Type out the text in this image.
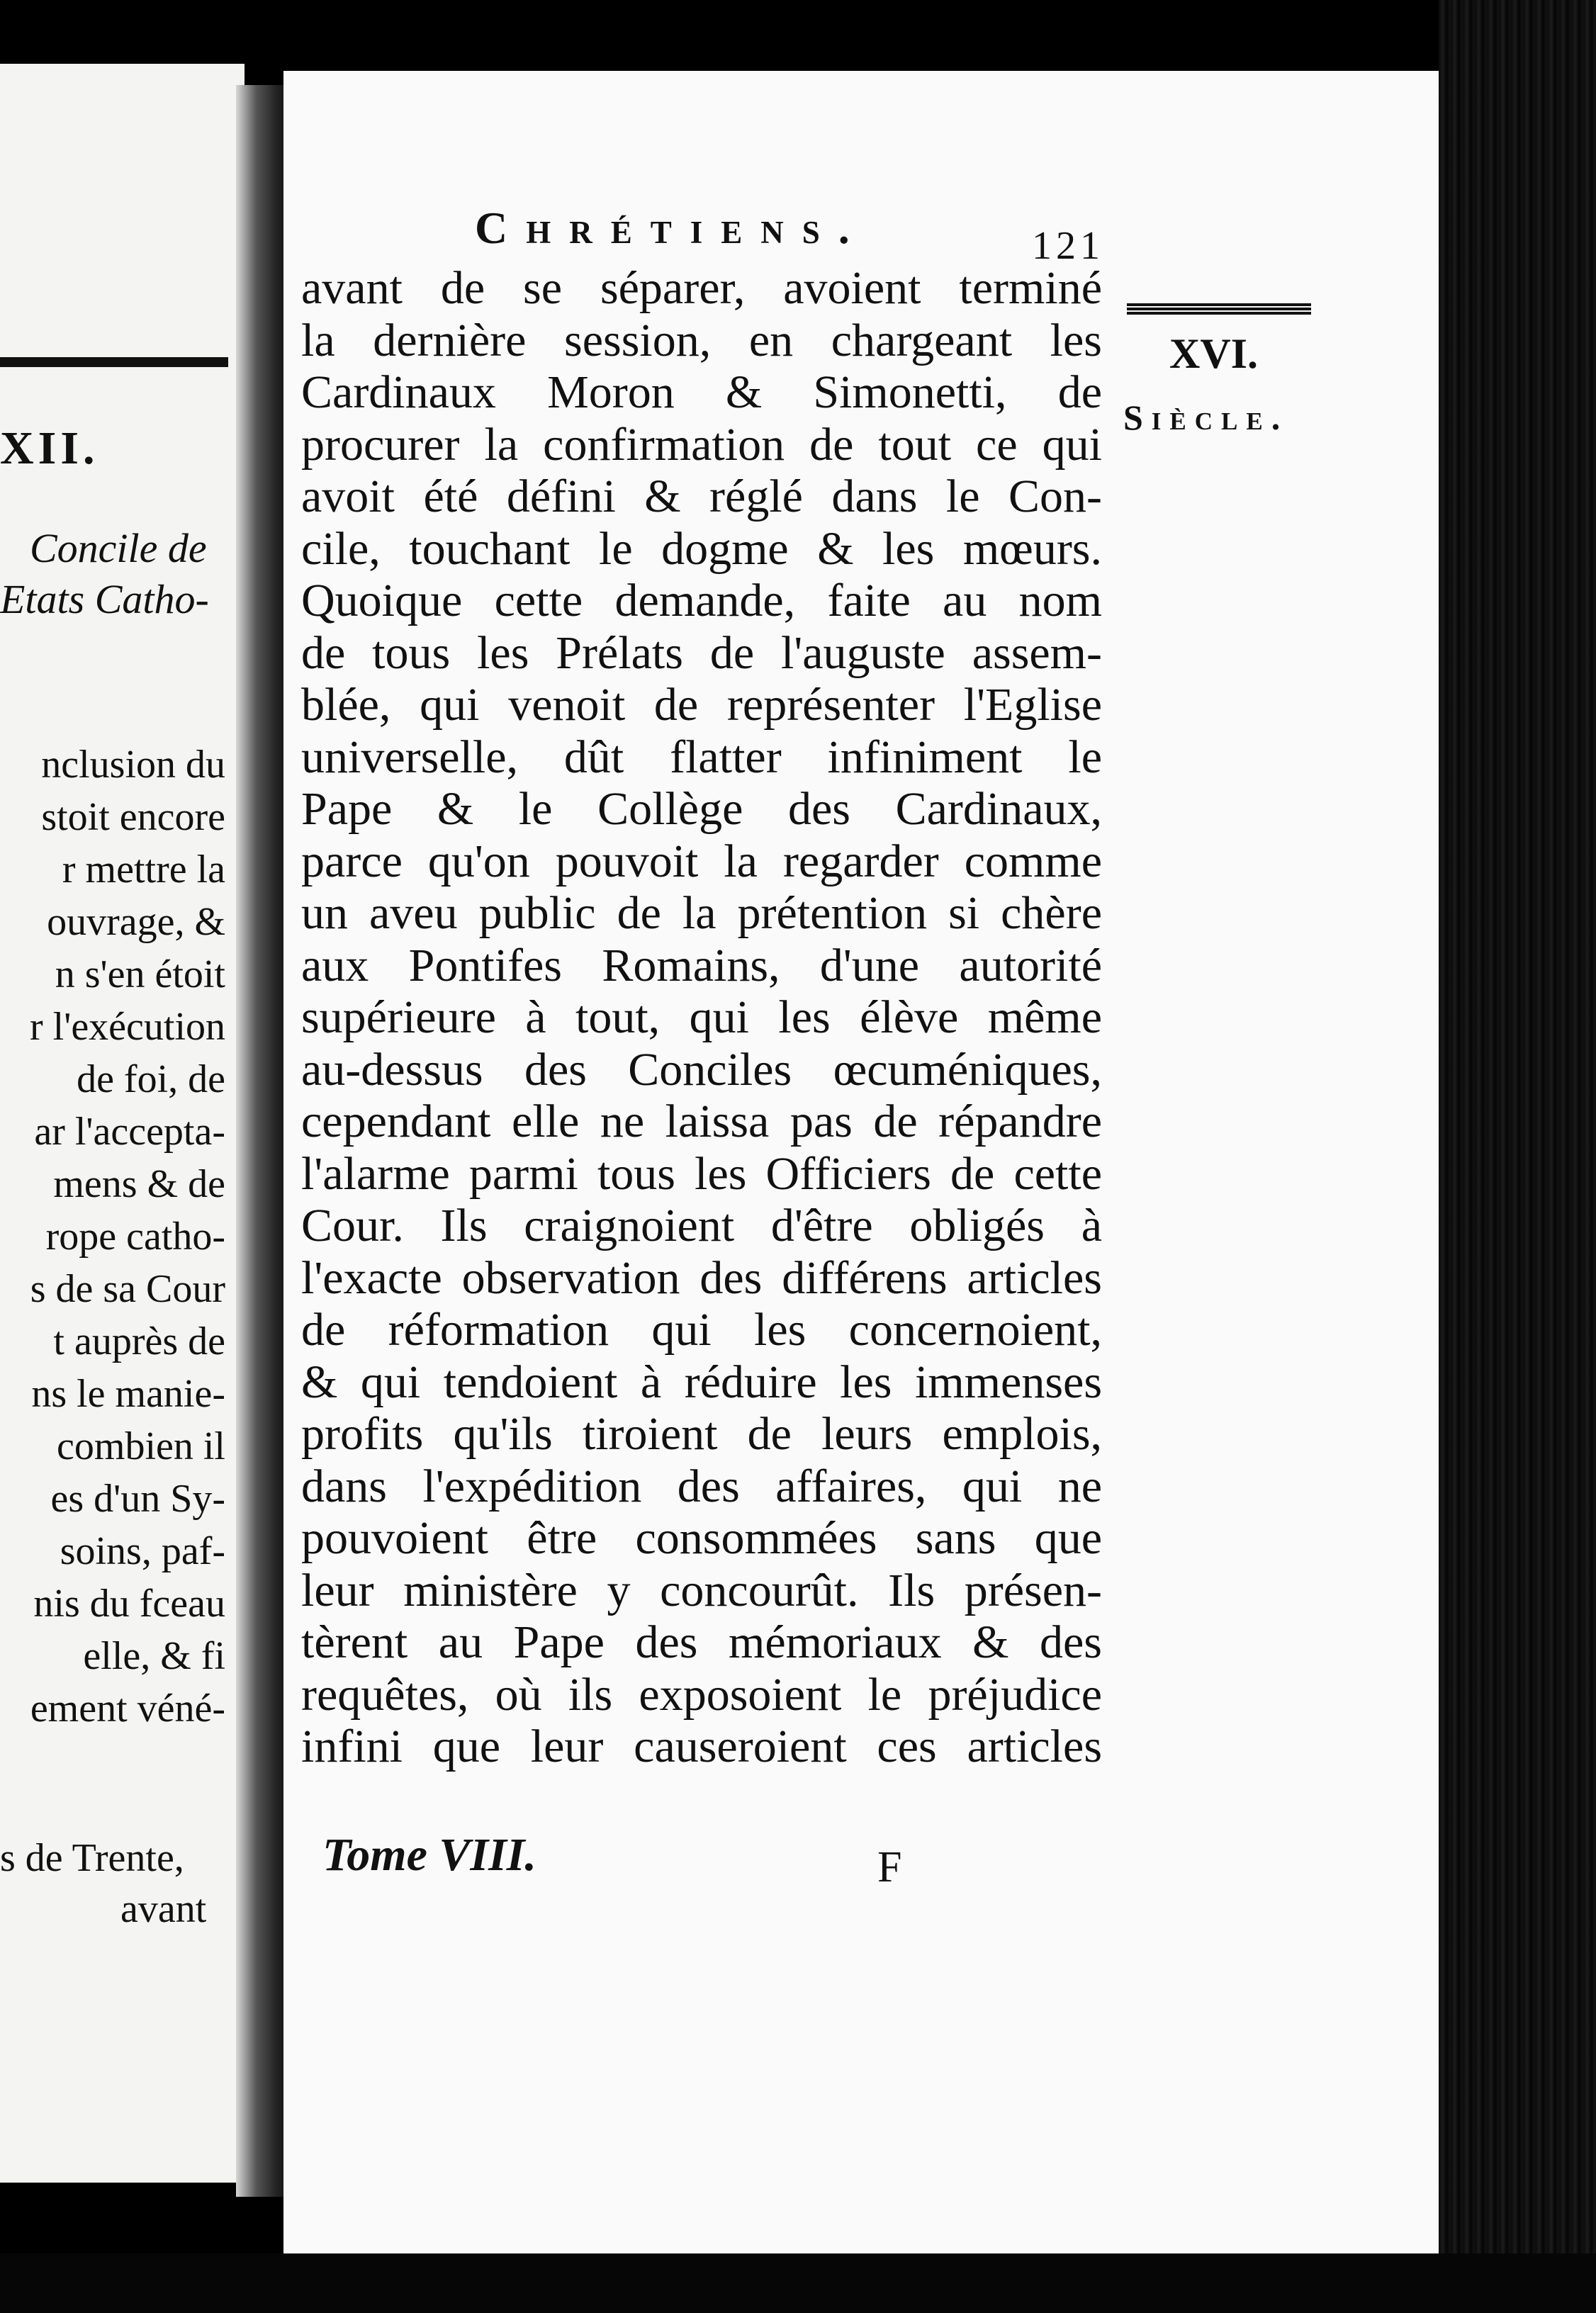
XII.
Concile de
Etats Catho-
nclusion du
stoit encore
r mettre la
ouvrage, &
n s'en étoit
r l'exécution
de foi, de
ar l'accepta-
mens & de
rope catho-
s de sa Cour
t auprès de
ns le manie-
combien il
es d'un Sy-
soins, paf-
nis du fceau
elle, & fi
ement véné-
s de Trente,
avant
Chrétiens.	121
XVI.
Siècle.
avant de se séparer, avoient terminé
la dernière session, en chargeant les
Cardinaux Moron & Simonetti, de
procurer la confirmation de tout ce qui
avoit été défini & réglé dans le Con-
cile, touchant le dogme & les mœurs.
Quoique cette demande, faite au nom
de tous les Prélats de l'auguste assem-
blée, qui venoit de représenter l'Eglise
universelle, dût flatter infiniment le
Pape & le Collège des Cardinaux,
parce qu'on pouvoit la regarder comme
un aveu public de la prétention si chère
aux Pontifes Romains, d'une autorité
supérieure à tout, qui les élève même
au-dessus des Conciles œcuméniques,
cependant elle ne laissa pas de répandre
l'alarme parmi tous les Officiers de cette
Cour. Ils craignoient d'être obligés à
l'exacte observation des différens articles
de réformation qui les concernoient,
& qui tendoient à réduire les immenses
profits qu'ils tiroient de leurs emplois,
dans l'expédition des affaires, qui ne
pouvoient être consommées sans que
leur ministère y concourût. Ils présen-
tèrent au Pape des mémoriaux & des
requêtes, où ils exposoient le préjudice
infini que leur causeroient ces articles
Tome VIII.	F
